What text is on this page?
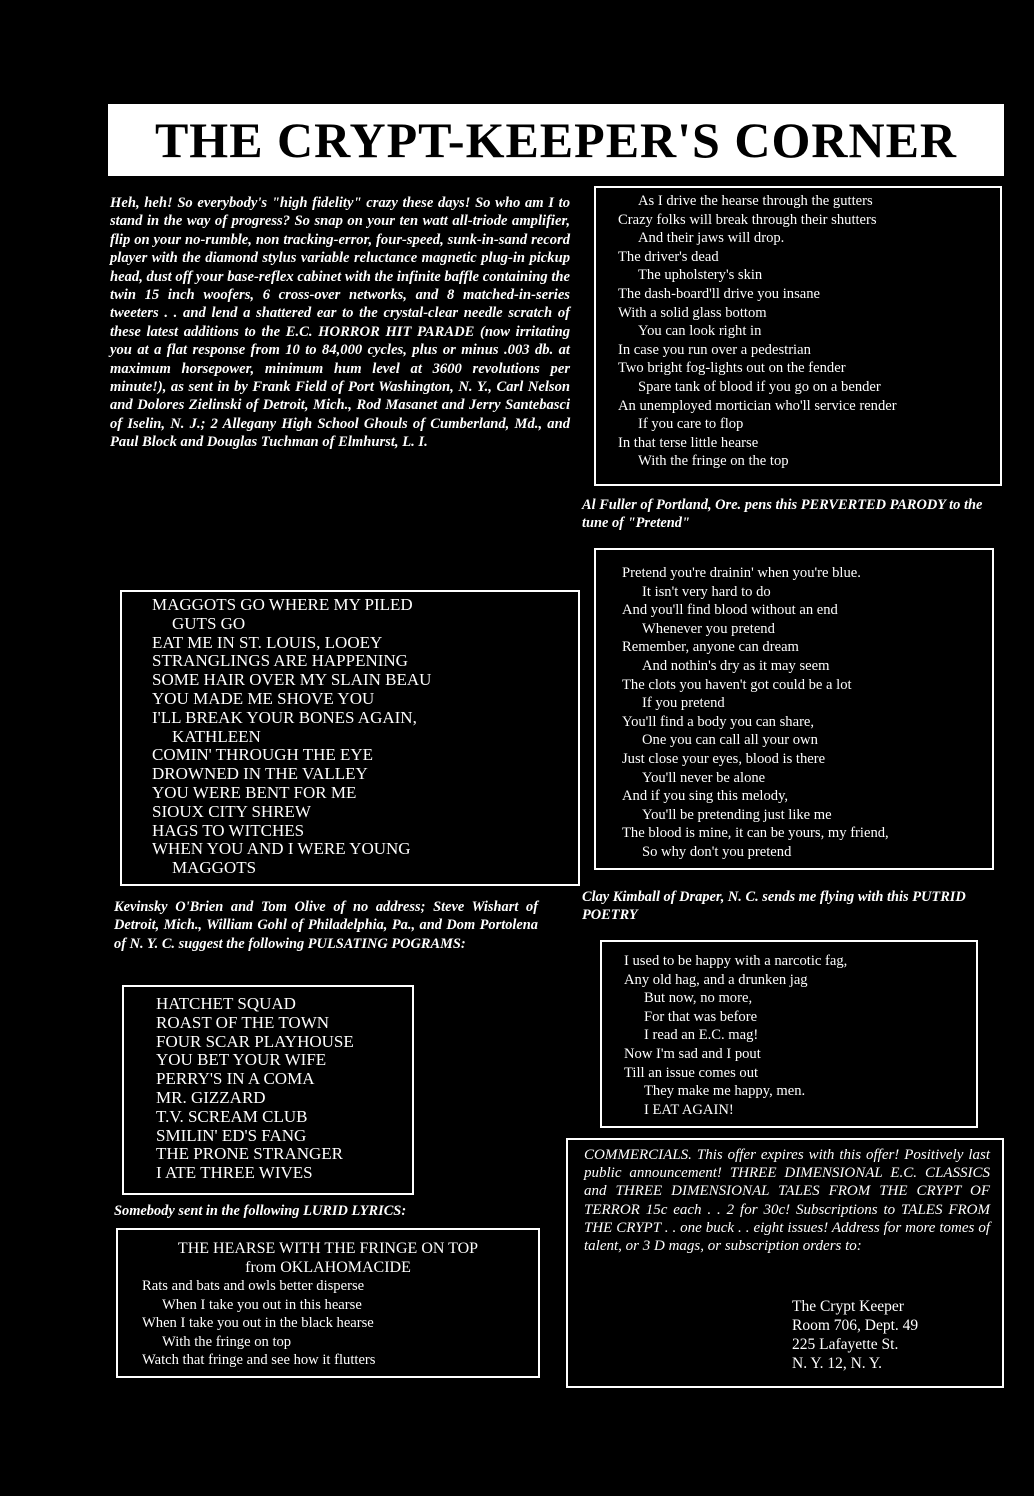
THE CRYPT-KEEPER'S CORNER
Heh, heh! So everybody's "high fidelity" crazy these days! So who am I to stand in the way of progress? So snap on your ten watt all-triode amplifier, flip on your no-rumble, non tracking-error, four-speed, sunk-in-sand record player with the diamond stylus variable reluctance magnetic plug-in pickup head, dust off your base-reflex cabinet with the infinite baffle containing the twin 15 inch woofers, 6 cross-over networks, and 8 matched-in-series tweeters . . and lend a shattered ear to the crystal-clear needle scratch of these latest additions to the E.C. HORROR HIT PARADE (now irritating you at a flat response from 10 to 84,000 cycles, plus or minus .003 db. at maximum horsepower, minimum hum level at 3600 revolutions per minute!), as sent in by Frank Field of Port Washington, N. Y., Carl Nelson and Dolores Zielinski of Detroit, Mich., Rod Masanet and Jerry Santebasci of Iselin, N. J.; 2 Allegany High School Ghouls of Cumberland, Md., and Paul Block and Douglas Tuchman of Elmhurst, L. I.
MAGGOTS GO WHERE MY PILED
GUTS GO
EAT ME IN ST. LOUIS, LOOEY
STRANGLINGS ARE HAPPENING
SOME HAIR OVER MY SLAIN BEAU
YOU MADE ME SHOVE YOU
I'LL BREAK YOUR BONES AGAIN,
KATHLEEN
COMIN' THROUGH THE EYE
DROWNED IN THE VALLEY
YOU WERE BENT FOR ME
SIOUX CITY SHREW
HAGS TO WITCHES
WHEN YOU AND I WERE YOUNG
MAGGOTS
Kevinsky O'Brien and Tom Olive of no address; Steve Wishart of Detroit, Mich., William Gohl of Philadelphia, Pa., and Dom Portolena of N. Y. C. suggest the following PULSATING POGRAMS:
HATCHET SQUAD
ROAST OF THE TOWN
FOUR SCAR PLAYHOUSE
YOU BET YOUR WIFE
PERRY'S IN A COMA
MR. GIZZARD
T.V. SCREAM CLUB
SMILIN' ED'S FANG
THE PRONE STRANGER
I ATE THREE WIVES
Somebody sent in the following LURID LYRICS:
THE HEARSE WITH THE FRINGE ON TOP
from OKLAHOMACIDE
Rats and bats and owls better disperse
When I take you out in this hearse
When I take you out in the black hearse
With the fringe on top
Watch that fringe and see how it flutters
As I drive the hearse through the gutters
Crazy folks will break through their shutters
And their jaws will drop.
The driver's dead
The upholstery's skin
The dash-board'll drive you insane
With a solid glass bottom
You can look right in
In case you run over a pedestrian
Two bright fog-lights out on the fender
Spare tank of blood if you go on a bender
An unemployed mortician who'll service render
If you care to flop
In that terse little hearse
With the fringe on the top
Al Fuller of Portland, Ore. pens this PERVERTED PARODY to the tune of "Pretend"
Pretend you're drainin' when you're blue.
It isn't very hard to do
And you'll find blood without an end
Whenever you pretend
Remember, anyone can dream
And nothin's dry as it may seem
The clots you haven't got could be a lot
If you pretend
You'll find a body you can share,
One you can call all your own
Just close your eyes, blood is there
You'll never be alone
And if you sing this melody,
You'll be pretending just like me
The blood is mine, it can be yours, my friend,
So why don't you pretend
Clay Kimball of Draper, N. C. sends me flying with this PUTRID POETRY
I used to be happy with a narcotic fag,
Any old hag, and a drunken jag
But now, no more,
For that was before
I read an E.C. mag!
Now I'm sad and I pout
Till an issue comes out
They make me happy, men.
I EAT AGAIN!
COMMERCIALS. This offer expires with this offer! Positively last public announcement! THREE DIMENSIONAL E.C. CLASSICS and THREE DIMENSIONAL TALES FROM THE CRYPT OF TERROR 15c each . . 2 for 30c! Subscriptions to TALES FROM THE CRYPT . . one buck . . eight issues! Address for more tomes of talent, or 3 D mags, or subscription orders to:
The Crypt Keeper
Room 706, Dept. 49
225 Lafayette St.
N. Y. 12, N. Y.
